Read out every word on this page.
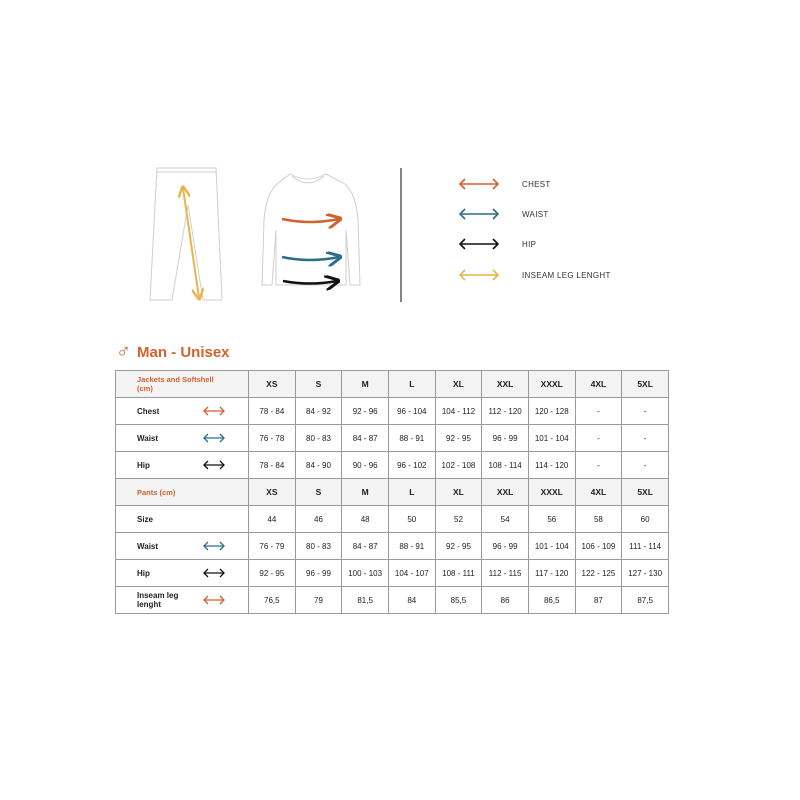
CHEST
WAIST
HIP
INSEAM LEG LENGHT
♂ Man - Unisex
Jackets and Softshell (cm)	XS	S	M	L	XL	XXL	XXXL	4XL	5XL
Chest	78 - 84	84 - 92	92 - 96	96 - 104	104 - 112	112 - 120	120 - 128	-	-
Waist	76 - 78	80 - 83	84 - 87	88 - 91	92 - 95	96 - 99	101 - 104	-	-
Hip	78 - 84	84 - 90	90 - 96	96 - 102	102 - 108	108 - 114	114 - 120	-	-
Pants (cm)	XS	S	M	L	XL	XXL	XXXL	4XL	5XL
Size	44	46	48	50	52	54	56	58	60
Waist	76 - 79	80 - 83	84 - 87	88 - 91	92 - 95	96 - 99	101 - 104	106 - 109	111 - 114
Hip	92 - 95	96 - 99	100 - 103	104 - 107	108 - 111	112 - 115	117 - 120	122 - 125	127 - 130
Inseam leg lenght	76,5	79	81,5	84	85,5	86	86,5	87	87,5
